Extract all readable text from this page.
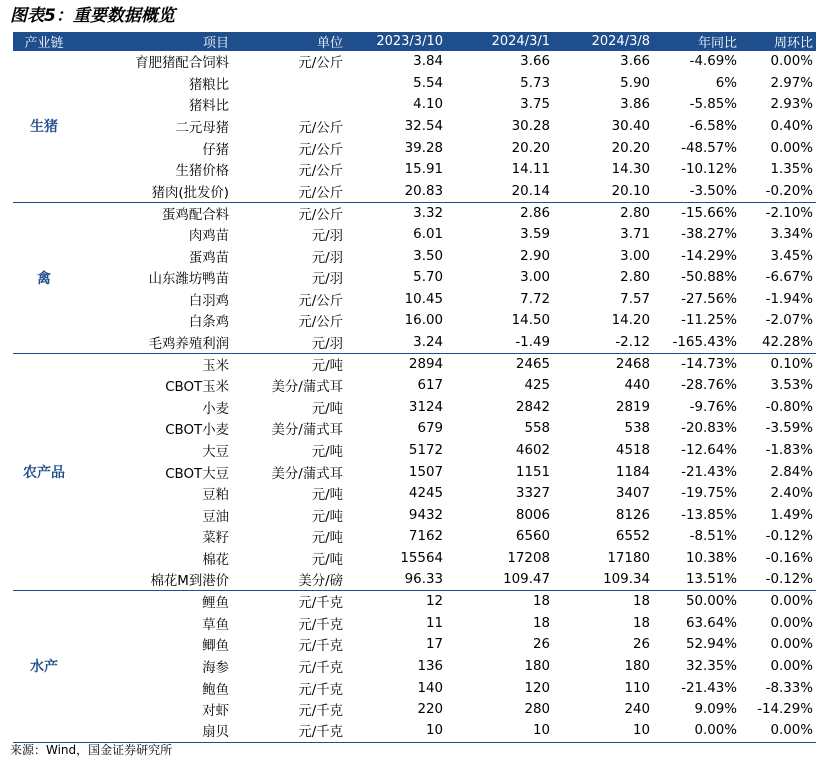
图表5：重要数据概览
产业链	项目	单位	2023/3/10	2024/3/1	2024/3/8	年同比	周环比
生猪	育肥猪配合饲料	元/公斤	3.84	3.66	3.66	-4.69%	0.00%
	猪粮比		5.54	5.73	5.90	6%	2.97%
	猪料比		4.10	3.75	3.86	-5.85%	2.93%
	二元母猪	元/公斤	32.54	30.28	30.40	-6.58%	0.40%
	仔猪	元/公斤	39.28	20.20	20.20	-48.57%	0.00%
	生猪价格	元/公斤	15.91	14.11	14.30	-10.12%	1.35%
	猪肉(批发价)	元/公斤	20.83	20.14	20.10	-3.50%	-0.20%
禽	蛋鸡配合料	元/公斤	3.32	2.86	2.80	-15.66%	-2.10%
	肉鸡苗	元/羽	6.01	3.59	3.71	-38.27%	3.34%
	蛋鸡苗	元/羽	3.50	2.90	3.00	-14.29%	3.45%
	山东潍坊鸭苗	元/羽	5.70	3.00	2.80	-50.88%	-6.67%
	白羽鸡	元/公斤	10.45	7.72	7.57	-27.56%	-1.94%
	白条鸡	元/公斤	16.00	14.50	14.20	-11.25%	-2.07%
	毛鸡养殖利润	元/羽	3.24	-1.49	-2.12	-165.43%	42.28%
农产品	玉米	元/吨	2894	2465	2468	-14.73%	0.10%
	CBOT玉米	美分/蒲式耳	617	425	440	-28.76%	3.53%
	小麦	元/吨	3124	2842	2819	-9.76%	-0.80%
	CBOT小麦	美分/蒲式耳	679	558	538	-20.83%	-3.59%
	大豆	元/吨	5172	4602	4518	-12.64%	-1.83%
	CBOT大豆	美分/蒲式耳	1507	1151	1184	-21.43%	2.84%
	豆粕	元/吨	4245	3327	3407	-19.75%	2.40%
	豆油	元/吨	9432	8006	8126	-13.85%	1.49%
	菜籽	元/吨	7162	6560	6552	-8.51%	-0.12%
	棉花	元/吨	15564	17208	17180	10.38%	-0.16%
	棉花M到港价	美分/磅	96.33	109.47	109.34	13.51%	-0.12%
水产	鲤鱼	元/千克	12	18	18	50.00%	0.00%
	草鱼	元/千克	11	18	18	63.64%	0.00%
	鲫鱼	元/千克	17	26	26	52.94%	0.00%
	海参	元/千克	136	180	180	32.35%	0.00%
	鲍鱼	元/千克	140	120	110	-21.43%	-8.33%
	对虾	元/千克	220	280	240	9.09%	-14.29%
	扇贝	元/千克	10	10	10	0.00%	0.00%
来源：Wind，国金证券研究所
